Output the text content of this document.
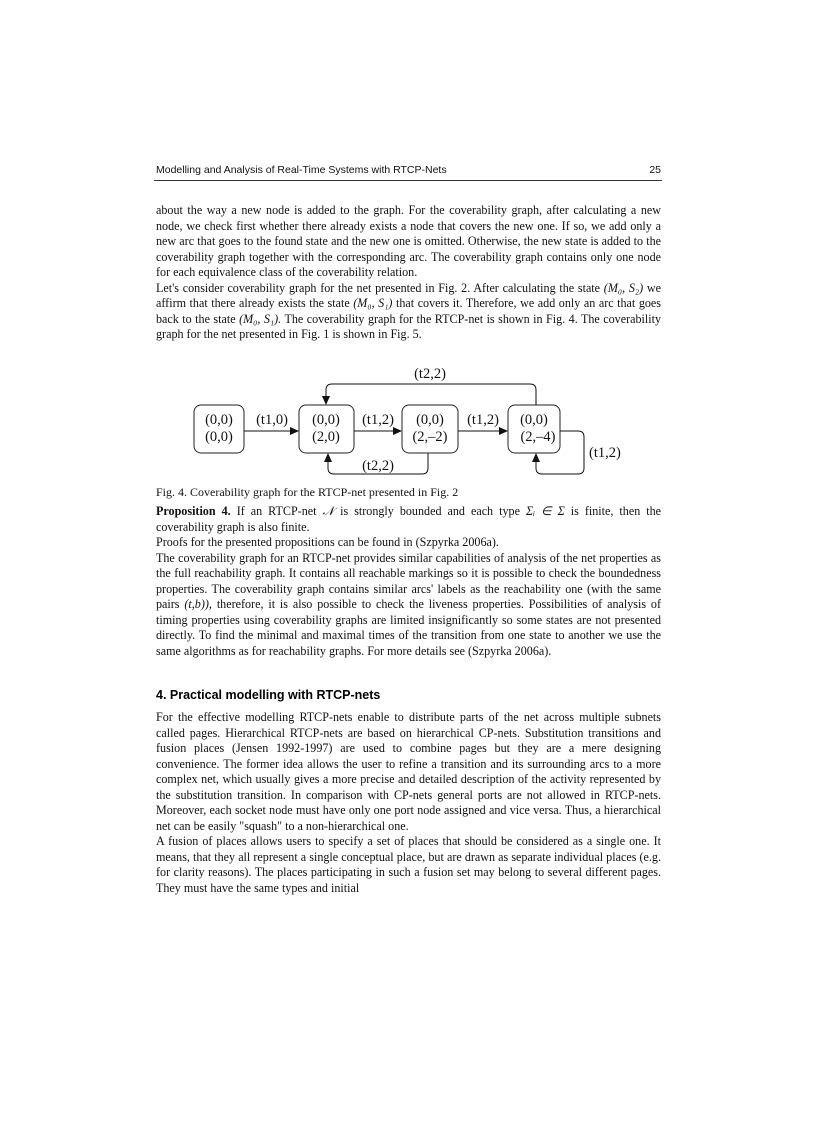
Modelling and Analysis of Real-Time Systems with RTCP-Nets	25

about the way a new node is added to the graph. For the coverability graph, after calculating a new node, we check first whether there already exists a node that covers the new one. If so, we add only a new arc that goes to the found state and the new one is omitted. Otherwise, the new state is added to the coverability graph together with the corresponding arc. The coverability graph contains only one node for each equivalence class of the coverability relation.

Let's consider coverability graph for the net presented in Fig. 2. After calculating the state (M₀, S₂) we affirm that there already exists the state (M₀, S₁) that covers it. Therefore, we add only an arc that goes back to the state (M₀, S₁). The coverability graph for the RTCP-net is shown in Fig. 4. The coverability graph for the net presented in Fig. 1 is shown in Fig. 5.

(0,0)
(0,0)
(0,0)
(2,0)
(0,0)
(2,–2)
(0,0)
(2,–4)
(t1,0)	(t1,2)	(t1,2)
(t2,2)
(t2,2)
(t1,2)
Fig. 4. Coverability graph for the RTCP-net presented in Fig. 2

Proposition 4. If an RTCP-net 𝒩 is strongly bounded and each type Σᵢ ∈ Σ is finite, then the coverability graph is also finite.

Proofs for the presented propositions can be found in (Szpyrka 2006a).

The coverability graph for an RTCP-net provides similar capabilities of analysis of the net properties as the full reachability graph. It contains all reachable markings so it is possible to check the boundedness properties. The coverability graph contains similar arcs' labels as the reachability one (with the same pairs (t,b)), therefore, it is also possible to check the liveness properties. Possibilities of analysis of timing properties using coverability graphs are limited insignificantly so some states are not presented directly. To find the minimal and maximal times of the transition from one state to another we use the same algorithms as for reachability graphs. For more details see (Szpyrka 2006a).

4. Practical modelling with RTCP-nets

For the effective modelling RTCP-nets enable to distribute parts of the net across multiple subnets called pages. Hierarchical RTCP-nets are based on hierarchical CP-nets. Substitution transitions and fusion places (Jensen 1992-1997) are used to combine pages but they are a mere designing convenience. The former idea allows the user to refine a transition and its surrounding arcs to a more complex net, which usually gives a more precise and detailed description of the activity represented by the substitution transition. In comparison with CP-nets general ports are not allowed in RTCP-nets. Moreover, each socket node must have only one port node assigned and vice versa. Thus, a hierarchical net can be easily "squash" to a non-hierarchical one.

A fusion of places allows users to specify a set of places that should be considered as a single one. It means, that they all represent a single conceptual place, but are drawn as separate individual places (e.g. for clarity reasons). The places participating in such a fusion set may belong to several different pages. They must have the same types and initial
